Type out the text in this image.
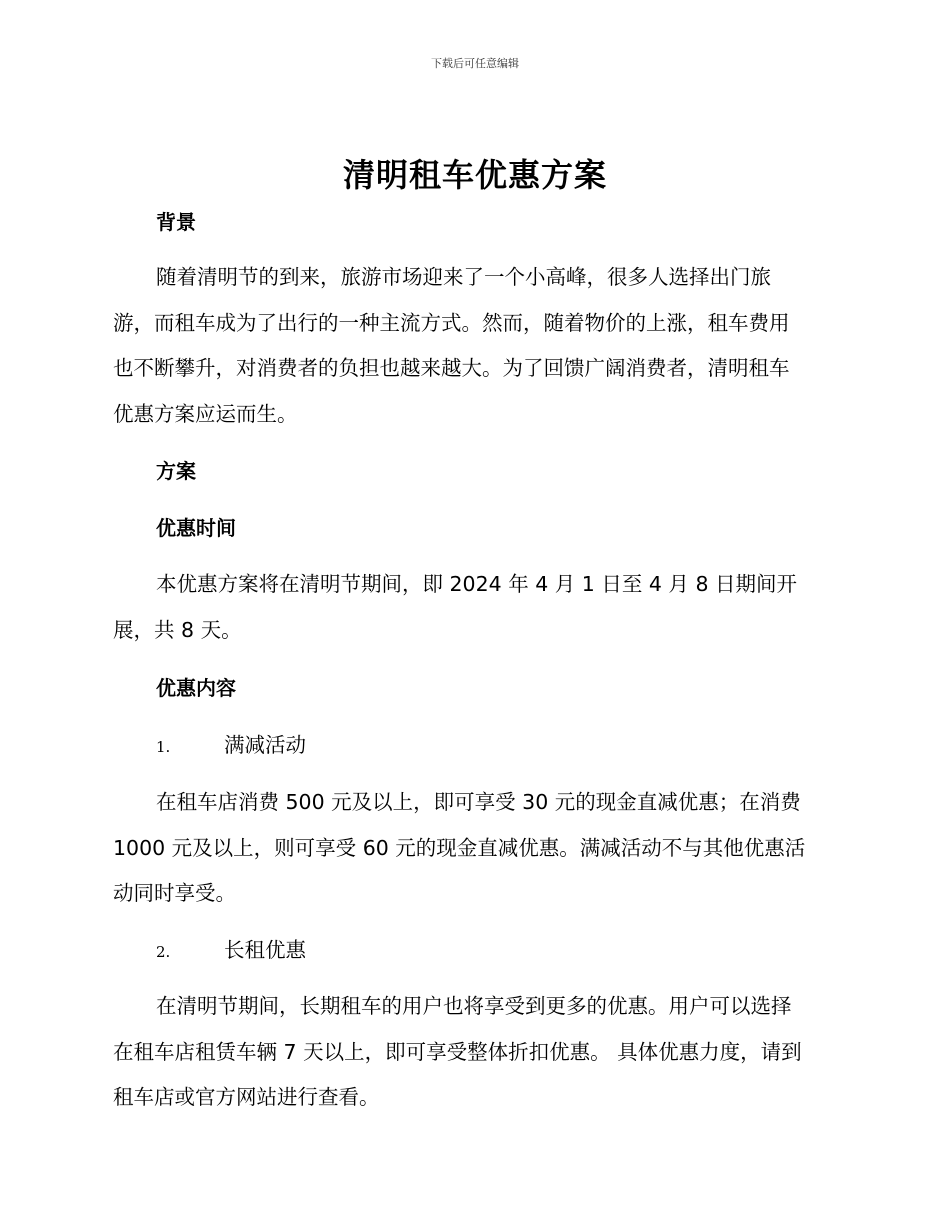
下载后可任意编辑
清明租车优惠方案
背景
随着清明节的到来，旅游市场迎来了一个小高峰，很多人选择出门旅
游，而租车成为了出行的一种主流方式。然而，随着物价的上涨，租车费用
也不断攀升，对消费者的负担也越来越大。为了回馈广阔消费者，清明租车
优惠方案应运而生。
方案
优惠时间
本优惠方案将在清明节期间，即 2024 年 4 月 1 日至 4 月 8 日期间开
展，共 8 天。
优惠内容
1.	满减活动
在租车店消费 500 元及以上，即可享受 30 元的现金直减优惠；在消费
1000 元及以上，则可享受 60 元的现金直减优惠。满减活动不与其他优惠活
动同时享受。
2.	长租优惠
在清明节期间，长期租车的用户也将享受到更多的优惠。用户可以选择
在租车店租赁车辆 7 天以上，即可享受整体折扣优惠。 具体优惠力度，请到
租车店或官方网站进行查看。
